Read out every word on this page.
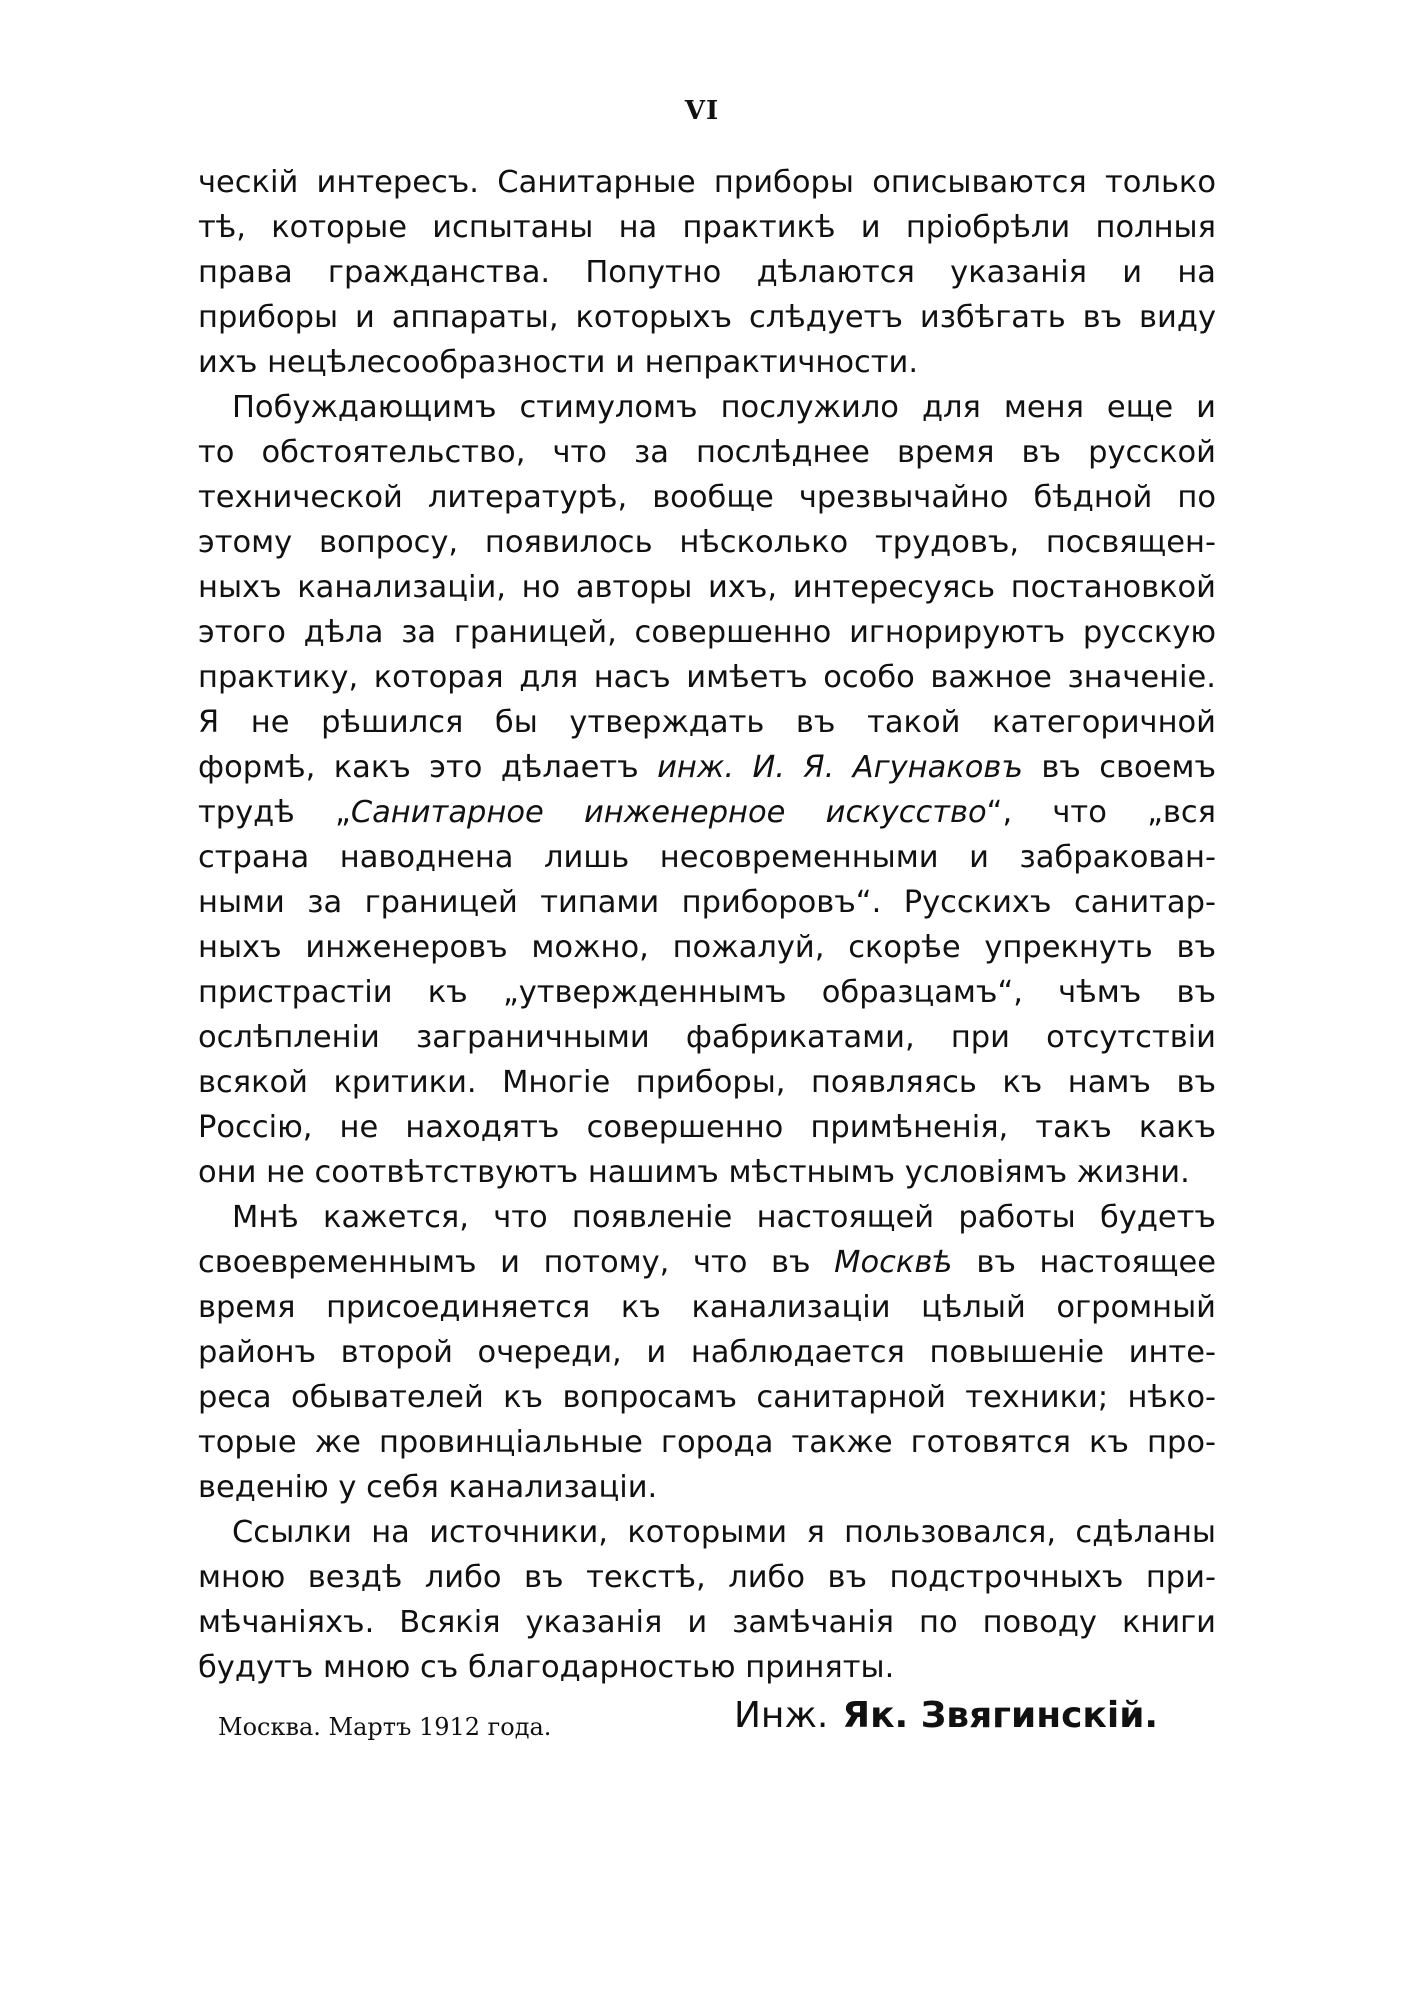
VI
ческій интересъ. Санитарные приборы описываются только
тѣ, которые испытаны на практикѣ и пріобрѣли полныя
права гражданства. Попутно дѣлаются указанія и на
приборы и аппараты, которыхъ слѣдуетъ избѣгать въ виду
ихъ нецѣлесообразности и непрактичности.
Побуждающимъ стимуломъ послужило для меня еще и
то обстоятельство, что за послѣднее время въ русской
технической литературѣ, вообще чрезвычайно бѣдной по
этому вопросу, появилось нѣсколько трудовъ, посвящен-
ныхъ канализаціи, но авторы ихъ, интересуясь постановкой
этого дѣла за границей, совершенно игнорируютъ русскую
практику, которая для насъ имѣетъ особо важное значеніе.
Я не рѣшился бы утверждать въ такой категоричной
формѣ, какъ это дѣлаетъ инж. И. Я. Агунаковъ въ своемъ
трудѣ „Санитарное инженерное искусство“, что „вся
страна наводнена лишь несовременными и забракован-
ными за границей типами приборовъ“. Русскихъ санитар-
ныхъ инженеровъ можно, пожалуй, скорѣе упрекнуть въ
пристрастіи къ „утвержденнымъ образцамъ“, чѣмъ въ
ослѣпленіи заграничными фабрикатами, при отсутствіи
всякой критики. Многіе приборы, появляясь къ намъ въ
Россію, не находятъ совершенно примѣненія, такъ какъ
они не соотвѣтствуютъ нашимъ мѣстнымъ условіямъ жизни.
Мнѣ кажется, что появленіе настоящей работы будетъ
своевременнымъ и потому, что въ Москвѣ въ настоящее
время присоединяется къ канализаціи цѣлый огромный
районъ второй очереди, и наблюдается повышеніе инте-
реса обывателей къ вопросамъ санитарной техники; нѣко-
торые же провинціальные города также готовятся къ про-
веденію у себя канализаціи.
Ссылки на источники, которыми я пользовался, сдѣланы
мною вездѣ либо въ текстѣ, либо въ подстрочныхъ при-
мѣчаніяхъ. Всякія указанія и замѣчанія по поводу книги
будутъ мною съ благодарностью приняты.
Москва. Мартъ 1912 года.	Инж. Як. Звягинскій.
